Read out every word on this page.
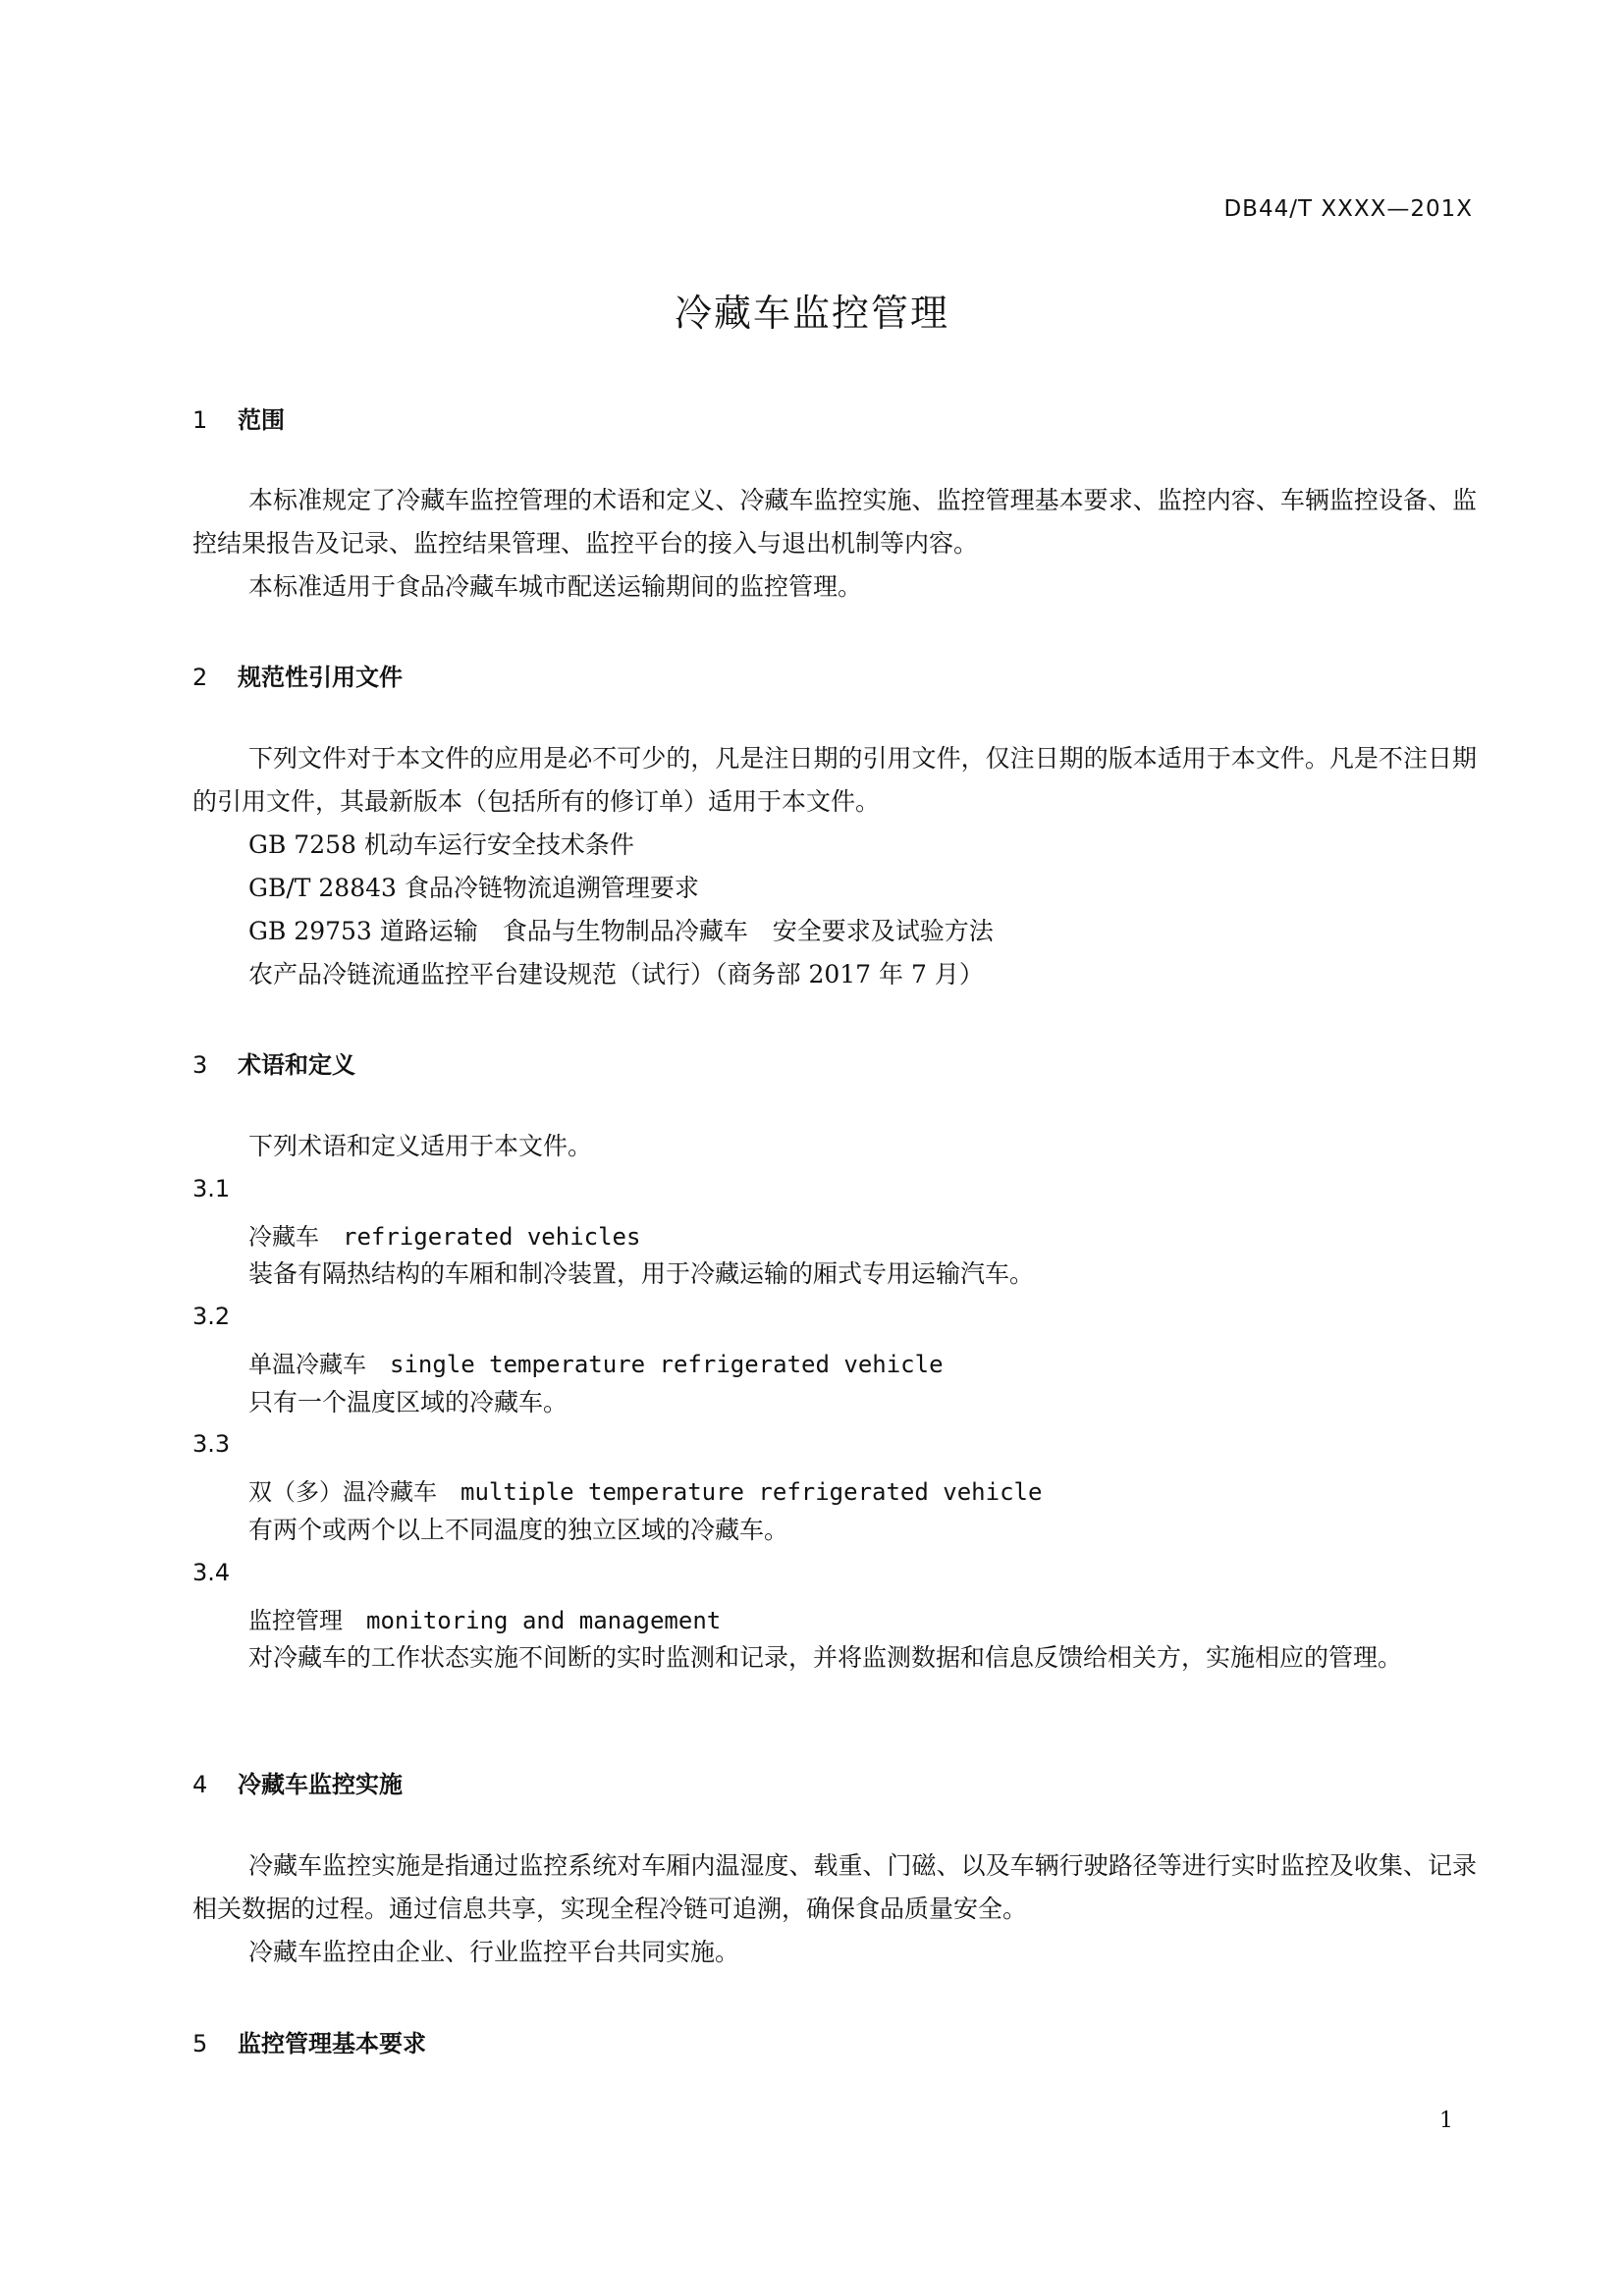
DB44/T XXXX—201X
冷藏车监控管理
1 范围
本标准规定了冷藏车监控管理的术语和定义、冷藏车监控实施、监控管理基本要求、监控内容、车辆监控设备、监控结果报告及记录、监控结果管理、监控平台的接入与退出机制等内容。
本标准适用于食品冷藏车城市配送运输期间的监控管理。
2 规范性引用文件
下列文件对于本文件的应用是必不可少的，凡是注日期的引用文件，仅注日期的版本适用于本文件。凡是不注日期的引用文件，其最新版本（包括所有的修订单）适用于本文件。
GB 7258 机动车运行安全技术条件
GB/T 28843 食品冷链物流追溯管理要求
GB 29753 道路运输　食品与生物制品冷藏车　安全要求及试验方法
农产品冷链流通监控平台建设规范（试行）（商务部 2017 年 7 月）
3 术语和定义
下列术语和定义适用于本文件。
3.1
冷藏车 refrigerated vehicles
装备有隔热结构的车厢和制冷装置，用于冷藏运输的厢式专用运输汽车。
3.2
单温冷藏车 single temperature refrigerated vehicle
只有一个温度区域的冷藏车。
3.3
双（多）温冷藏车 multiple temperature refrigerated vehicle
有两个或两个以上不同温度的独立区域的冷藏车。
3.4
监控管理 monitoring and management
对冷藏车的工作状态实施不间断的实时监测和记录，并将监测数据和信息反馈给相关方，实施相应的管理。
4 冷藏车监控实施
冷藏车监控实施是指通过监控系统对车厢内温湿度、载重、门磁、以及车辆行驶路径等进行实时监控及收集、记录相关数据的过程。通过信息共享，实现全程冷链可追溯，确保食品质量安全。
冷藏车监控由企业、行业监控平台共同实施。
5 监控管理基本要求
1
